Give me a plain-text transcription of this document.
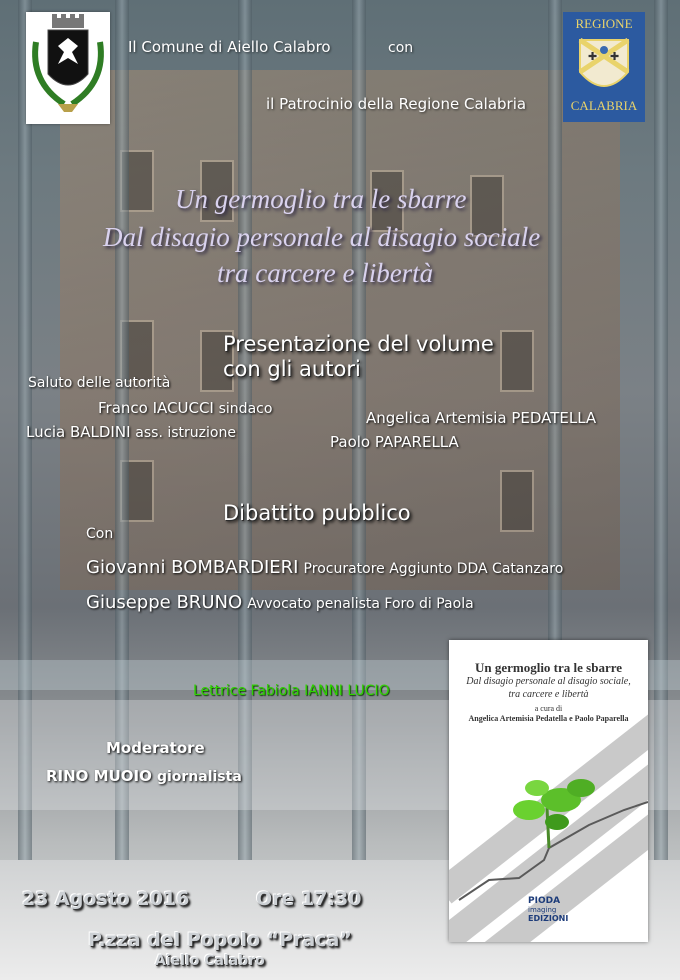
REGIONE
✚ ✚
CALABRIA
Il Comune di Aiello Calabro	con
il Patrocinio della Regione Calabria
Un germoglio tra le sbarre
Dal disagio personale al disagio sociale
tra carcere e libertà
Presentazione del volume
con gli autori
Saluto delle autorità
Franco IACUCCI sindaco
Lucia BALDINI ass. istruzione
Angelica Artemisia PEDATELLA
Paolo PAPARELLA
Dibattito pubblico
Con
Giovanni BOMBARDIERI Procuratore Aggiunto DDA Catanzaro
Giuseppe BRUNO Avvocato penalista Foro di Paola
Lettrice Fabiola IANNI LUCIO
Moderatore
RINO MUOIO giornalista
23 Agosto 2016	Ore 17:30
P.zza del Popolo “Praca”
Aiello Calabro
Un germoglio tra le sbarre
Dal disagio personale al disagio sociale,
tra carcere e libertà
a cura di
Angelica Artemisia Pedatella e Paolo Paparella
PIODA
imaging
EDIZIONI
